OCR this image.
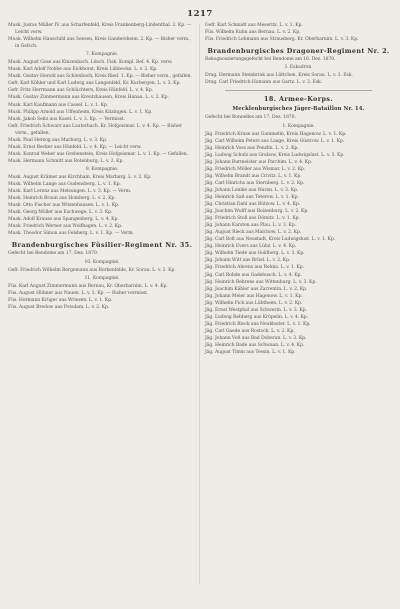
1217
Musk. Justus Müller IV. aus Scharfenfeld, Kreis Frankenberg-Lindenthal. 2. Kp. — Leicht verw.
Musk. Wilhelm Hauschild aus Seesen, Kreis Gandersheim. 2. Kp. — Bisher verm., in Gefsch.
7. Kompagnie.
Musk. August Gose aus Kinzenbach. Ldsch. Fisk. Kompl. Bef. 4. Kp. verw.
Musk. Karl Adolf Nobbe aus Eickhorst, Kreis Lübbecke. L. v. 2. Kp.
Musk. Gustav Herold aus Schlenbach, Kreis Ried. 1. Kp. — Bisher verm., gefallen.
Gefr. Karl Köhler und Karl Ludwig aus Langenfeld, Kr. Kurbergen. L. v. 3. Kp.
Gefr. Fritz Herrmann aus Schlüchtern, Kreis Hünfeld. L. v. 4. Kp.
Musk. Gustav Zimmermann aus Kreutzhausen, Kreis Hanau. L. v. 2. Kp.
Musk. Karl Kaufmann aus Cassel. L. v. 1. Kp.
Musk. Philipp Arnold aus Uffenheim, Kreis Kitzingen. L. v. 1. Kp.
Musk. Jakob Seitz aus Kasel. L. v. 3. Kp. — Vermisst.
Gefr. Friedrich Schwarz aus Lauterbach. Kr. Hofgeismar. L. v. 4. Kp. — Bisher verm., gefallen.
Musk. Paul Herzog aus Marburg. L. v. 3. Kp.
Musk. Ernst Becker aus Hünfeld. L. v. 4. Kp. — Leicht verw.
Musk. Konrad Weber aus Grebenstein, Kreis Hofgeismar. L. v. 1. Kp. — Gefallen.
Musk. Hermann Schmitt aus Rotenburg. L. v. 2. Kp.
8. Kompagnie.
Musk. August Krämer aus Kirchhain, Kreis Marburg. L. v. 2. Kp.
Musk. Wilhelm Lange aus Gudensberg. L. v. 1. Kp.
Musk. Karl Lorenz aus Melsungen. L. v. 3. Kp. — Verm.
Musk. Heinrich Braun aus Homberg. L. v. 2. Kp.
Musk. Otto Fischer aus Witzenhausen. L. v. 1. Kp.
Musk. Georg Möller aus Eschwege. L. v. 3. Kp.
Musk. Adolf Krause aus Spangenberg. L. v. 4. Kp.
Musk. Friedrich Werner aus Wolfhagen. L. v. 2. Kp.
Musk. Theodor Simon aus Felsberg. L. v. 1. Kp. — Verm.
Brandenburgisches Füsilier-Regiment Nr. 35.
Gefecht bei Bendome am 17. Dez. 1870.
10. Kompagnie.
Gefr. Friedrich Wilhelm Bergemann aus Borkenfelde, Kr. Sorau. L. v. 2. Kp.
11. Kompagnie.
Füs. Karl August Zimmermann aus Bernau, Kr. Oberbarnim. L. v. 4. Kp.
Füs. August Hübner aus Nauen. L. v. 3. Kp. — Bisher vermisst.
Füs. Hermann Krüger aus Wriezen. L. v. 1. Kp.
Füs. August Bredow aus Potsdam. L. v. 2. Kp.
Gefr. Karl Schmidt aus Meseritz. L. v. 1. Kp.
Füs. Wilhelm Kuhn aus Bernau. L. v. 2. Kp.
Füs. Friedrich Lehmann aus Strausberg. Kr. Oberbarnim. L. v. 3. Kp.
Brandenburgisches Dragoner-Regiment Nr. 2.
Rekognoszierungsgefecht bei Bendome am 16. Dez. 1870.
3. Eskadron.
Drag. Hermann Steinbrink aus Lüttchen, Kreis Sorau. L. v. 3. Esk.
Drag. Carl Friedrich Hamann aus Gartz. L. v. 3. Esk.
18. Armee-Korps.
Mecklenburgisches Jäger-Bataillon Nr. 14.
Gefecht bei Bonnelles am 17. Dez. 1870.
1. Kompagnie.
Jäg. Friedrich Kruse aus Gammelin, Kreis Hagenow. L. v. 1. Kp.
Jäg. Carl Wilhelm Peters aus Laage, Kreis Güstrow. L. v. 1. Kp.
Jäg. Heinrich Voss aus Penzlin. L. v. 2. Kp.
Jäg. Ludwig Schulz aus Grabow, Kreis Ludwigslust. L. v. 3. Kp.
Jäg. Johann Burmeister aus Parchim. L. v. 4. Kp.
Jäg. Friedrich Möller aus Wismar. L. v. 2. Kp.
Jäg. Wilhelm Brandt aus Crivitz. L. v. 1. Kp.
Jäg. Carl Hinrichs aus Sternberg. L. v. 2. Kp.
Jäg. Johann Lemke aus Waren. L. v. 3. Kp.
Jäg. Heinrich Saß aus Teterow. L. v. 1. Kp.
Jäg. Christian Dahl aus Bützow. L. v. 4. Kp.
Jäg. Joachim Wulff aus Boizenburg. L. v. 2. Kp.
Jäg. Friedrich Stoll aus Dömitz. L. v. 1. Kp.
Jäg. Johann Karsten aus Plau. L. v. 3. Kp.
Jäg. August Rieck aus Malchow. L. v. 2. Kp.
Jäg. Carl Bolt aus Neustadt, Kreis Ludwigslust. L. v. 1. Kp.
Jäg. Heinrich Evers aus Lübz. L. v. 4. Kp.
Jäg. Wilhelm Tiede aus Goldberg. L. v. 3. Kp.
Jäg. Johann Witt aus Brüel. L. v. 2. Kp.
Jäg. Friedrich Ahrens aus Rehna. L. v. 1. Kp.
Jäg. Carl Rohde aus Gadebusch. L. v. 4. Kp.
Jäg. Heinrich Behrens aus Wittenburg. L. v. 3. Kp.
Jäg. Joachim Kähler aus Zarrentin. L. v. 2. Kp.
Jäg. Johann Meier aus Hagenow. L. v. 1. Kp.
Jäg. Wilhelm Fick aus Lübtheen. L. v. 2. Kp.
Jäg. Ernst Westphal aus Schwerin. L. v. 3. Kp.
Jäg. Ludwig Rehberg aus Kröpelin. L. v. 4. Kp.
Jäg. Friedrich Block aus Neukloster. L. v. 1. Kp.
Jäg. Carl Gaede aus Rostock. L. v. 2. Kp.
Jäg. Johann Voß aus Bad Doberan. L. v. 3. Kp.
Jäg. Heinrich Bade aus Schwaan. L. v. 4. Kp.
Jäg. August Timm aus Tessin. L. v. 1. Kp.
Digitalisiert von
Genealogy.net
